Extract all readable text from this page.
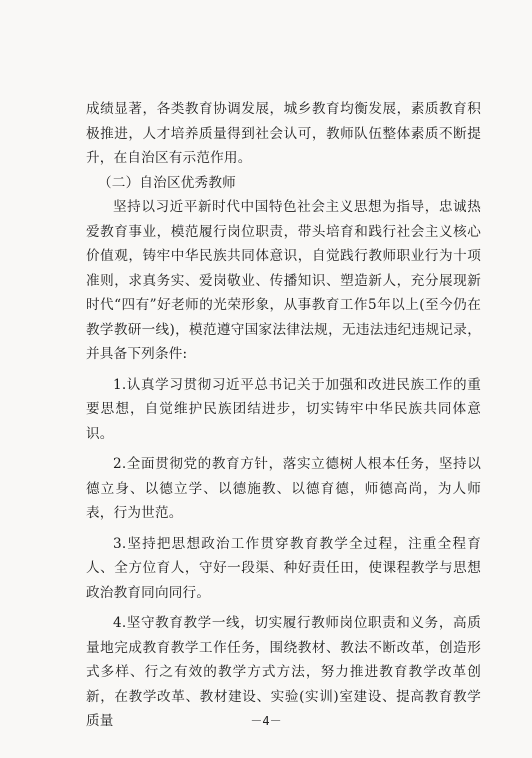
成绩显著，各类教育协调发展，城乡教育均衡发展，素质教育积极推进，人才培养质量得到社会认可，教师队伍整体素质不断提升，在自治区有示范作用。

（二）自治区优秀教师

坚持以习近平新时代中国特色社会主义思想为指导，忠诚热爱教育事业，模范履行岗位职责，带头培育和践行社会主义核心价值观，铸牢中华民族共同体意识，自觉践行教师职业行为十项准则，求真务实、爱岗敬业、传播知识、塑造新人，充分展现新时代“四有”好老师的光荣形象，从事教育工作5年以上(至今仍在教学教研一线)，模范遵守国家法律法规，无违法违纪违规记录，并具备下列条件:

1.认真学习贯彻习近平总书记关于加强和改进民族工作的重要思想，自觉维护民族团结进步，切实铸牢中华民族共同体意识。

2.全面贯彻党的教育方针，落实立德树人根本任务，坚持以德立身、以德立学、以德施教、以德育德，师德高尚，为人师表，行为世范。

3.坚持把思想政治工作贯穿教育教学全过程，注重全程育人、全方位育人，守好一段渠、种好责任田，使课程教学与思想政治教育同向同行。

4.坚守教育教学一线，切实履行教师岗位职责和义务，高质量地完成教育教学工作任务，围绕教材、教法不断改革，创造形式多样、行之有效的教学方式方法，努力推进教育教学改革创新，在教学改革、教材建设、实验(实训)室建设、提高教育教学质量	－4－
